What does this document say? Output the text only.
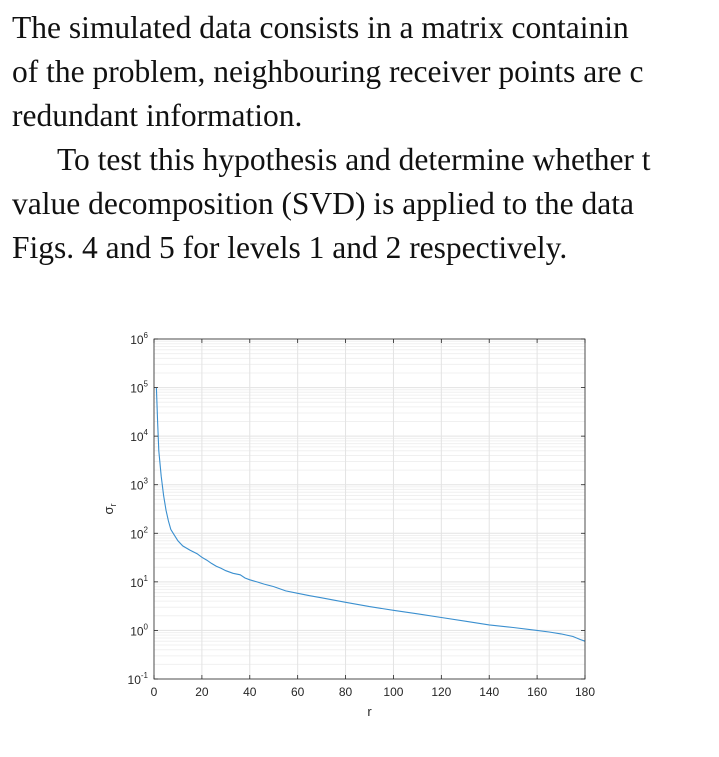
The simulated data consists in a matrix containin
of the problem, neighbouring receiver points are c
redundant information.

To test this hypothesis and determine whether t
value decomposition (SVD) is applied to the data
Figs. 4 and 5 for levels 1 and 2 respectively.

0	20	40	60	80	100 120 140 160 180
$10^6$
$10^5$
$10^4$
$10^3$
$10^2$
$10^1$
$10^0$
$10^{-1}$
r
$\sigma_r$
